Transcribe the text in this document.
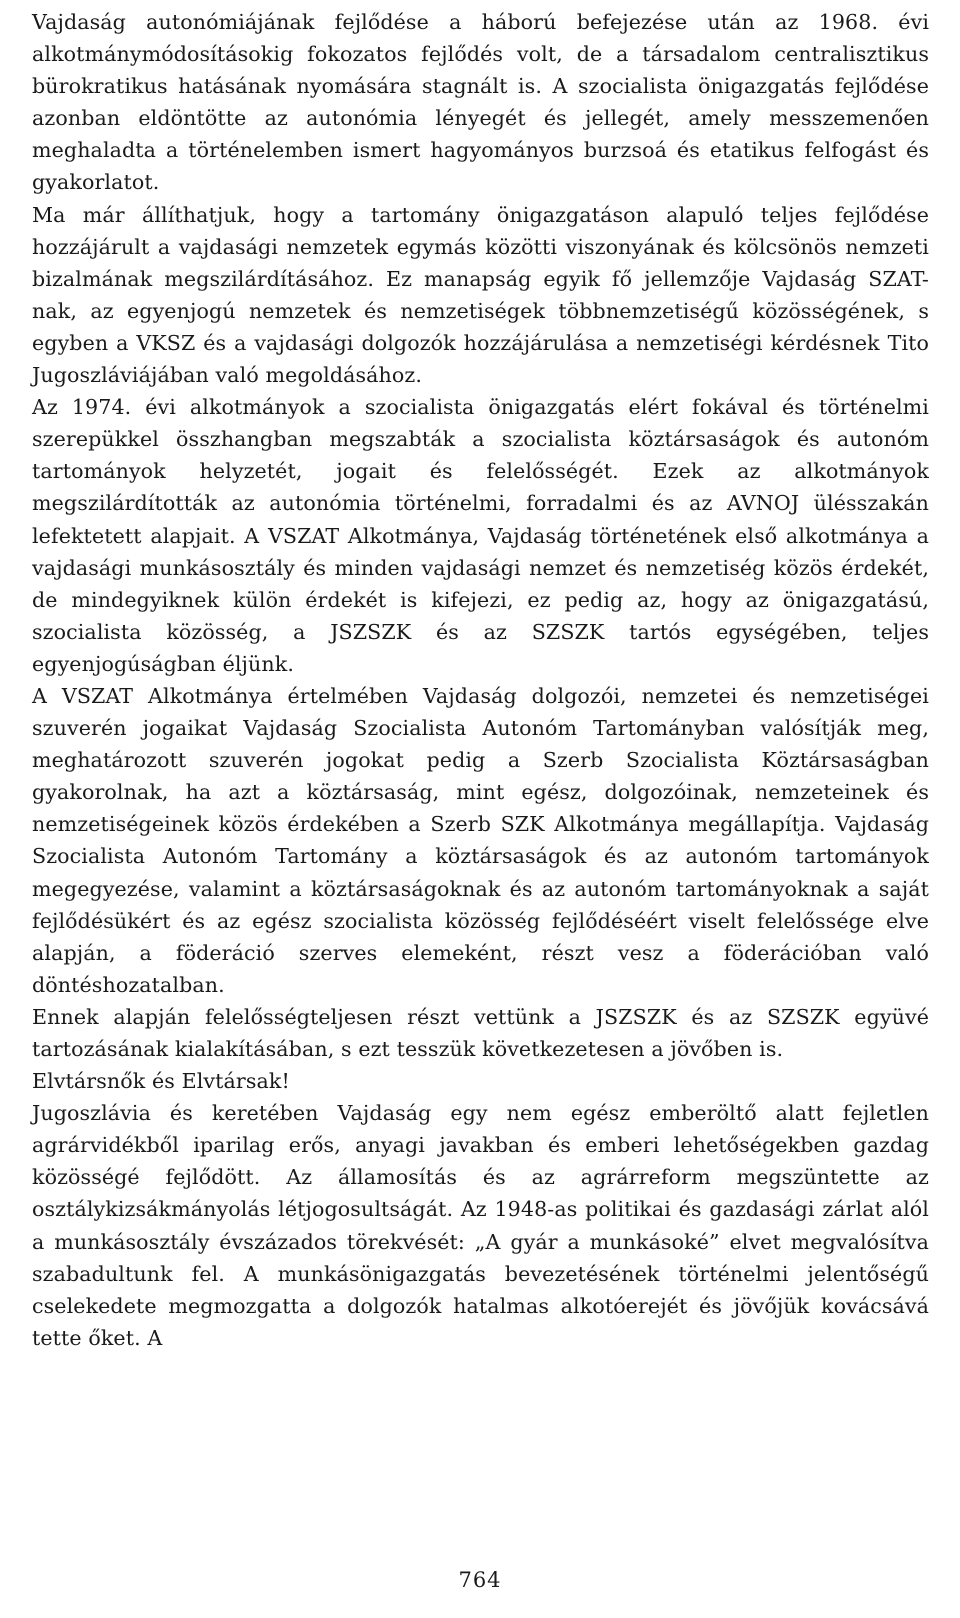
Vajdaság autonómiájának fejlődése a háború befejezése után az 1968. évi alkotmánymódosításokig fokozatos fejlődés volt, de a társadalom centralisztikus bürokratikus hatásának nyomására stagnált is. A szocialista önigazgatás fejlődése azonban eldöntötte az autonómia lényegét és jellegét, amely messzemenően meghaladta a történelemben ismert hagyományos burzsoá és etatikus felfogást és gyakorlatot.

Ma már állíthatjuk, hogy a tartomány önigazgatáson alapuló teljes fejlődése hozzájárult a vajdasági nemzetek egymás közötti viszonyának és kölcsönös nemzeti bizalmának megszilárdításához. Ez manapság egyik fő jellemzője Vajdaság SZAT-nak, az egyenjogú nemzetek és nemzetiségek többnemzetiségű közösségének, s egyben a VKSZ és a vajdasági dolgozók hozzájárulása a nemzetiségi kérdésnek Tito Jugoszláviájában való megoldásához.

Az 1974. évi alkotmányok a szocialista önigazgatás elért fokával és történelmi szerepükkel összhangban megszabták a szocialista köztársaságok és autonóm tartományok helyzetét, jogait és felelősségét. Ezek az alkotmányok megszilárdították az autonómia történelmi, forradalmi és az AVNOJ ülésszakán lefektetett alapjait. A VSZAT Alkotmánya, Vajdaság történetének első alkotmánya a vajdasági munkásosztály és minden vajdasági nemzet és nemzetiség közös érdekét, de mindegyiknek külön érdekét is kifejezi, ez pedig az, hogy az önigazgatású, szocialista közösség, a JSZSZK és az SZSZK tartós egységében, teljes egyenjogúságban éljünk.

A VSZAT Alkotmánya értelmében Vajdaság dolgozói, nemzetei és nemzetiségei szuverén jogaikat Vajdaság Szocialista Autonóm Tartományban valósítják meg, meghatározott szuverén jogokat pedig a Szerb Szocialista Köztársaságban gyakorolnak, ha azt a köztársaság, mint egész, dolgozóinak, nemzeteinek és nemzetiségeinek közös érdekében a Szerb SZK Alkotmánya megállapítja. Vajdaság Szocialista Autonóm Tartomány a köztársaságok és az autonóm tartományok megegyezése, valamint a köztársaságoknak és az autonóm tartományoknak a saját fejlődésükért és az egész szocialista közösség fejlődéséért viselt felelőssége elve alapján, a föderáció szerves elemeként, részt vesz a föderációban való döntéshozatalban.

Ennek alapján felelősségteljesen részt vettünk a JSZSZK és az SZSZK együvé tartozásának kialakításában, s ezt tesszük következetesen a jövőben is.

Elvtársnők és Elvtársak!

Jugoszlávia és keretében Vajdaság egy nem egész emberöltő alatt fejletlen agrárvidékből iparilag erős, anyagi javakban és emberi lehetőségekben gazdag közösségé fejlődött. Az államosítás és az agrárreform megszüntette az osztálykizsákmányolás létjogosultságát. Az 1948-as politikai és gazdasági zárlat alól a munkásosztály évszázados törekvését: „A gyár a munkásoké” elvet megvalósítva szabadultunk fel. A munkásönigazgatás bevezetésének történelmi jelentőségű cselekedete megmozgatta a dolgozók hatalmas alkotóerejét és jövőjük kovácsává tette őket. A

764
